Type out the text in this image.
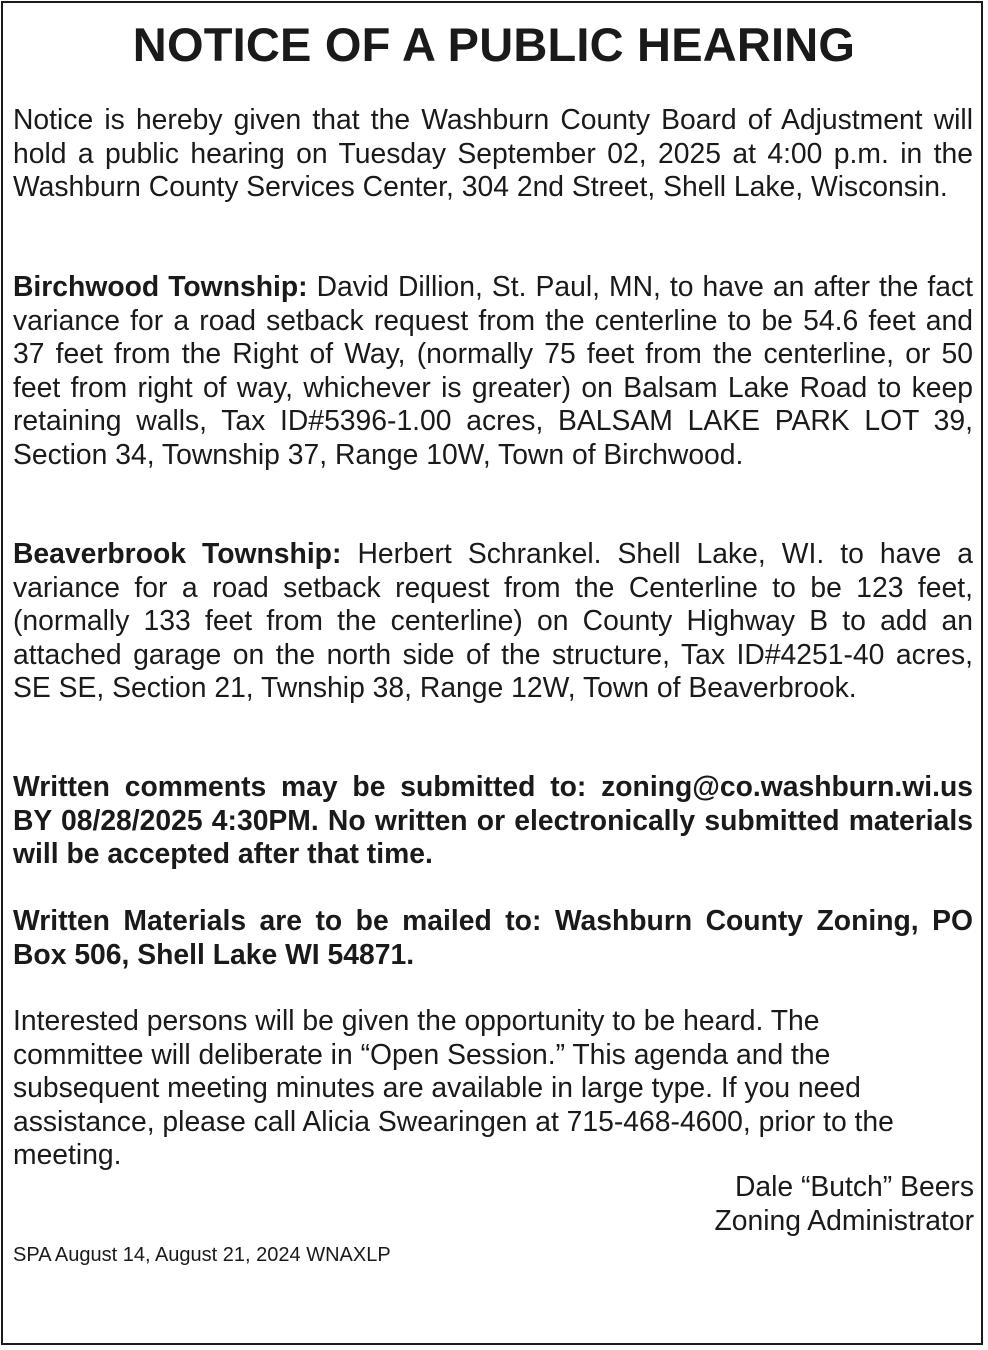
NOTICE OF A PUBLIC HEARING
Notice is hereby given that the Washburn County Board of Adjustment will hold a public hearing on Tuesday September 02, 2025 at 4:00 p.m. in the Washburn County Services Center, 304 2nd Street, Shell Lake, Wisconsin.
Birchwood Township: David Dillion, St. Paul, MN, to have an after the fact variance for a road setback request from the centerline to be 54.6 feet and 37 feet from the Right of Way, (normally 75 feet from the centerline, or 50 feet from right of way, whichever is greater) on Balsam Lake Road to keep retaining walls, Tax ID#5396-1.00 acres, BALSAM LAKE PARK LOT 39, Section 34, Township 37, Range 10W, Town of Birchwood.
Beaverbrook Township: Herbert Schrankel. Shell Lake, WI. to have a variance for a road setback request from the Centerline to be 123 feet, (normally 133 feet from the centerline) on County Highway B to add an attached garage on the north side of the structure, Tax ID#4251-40 acres, SE SE, Section 21, Twnship 38, Range 12W, Town of Beaverbrook.
Written comments may be submitted to: zoning@co.washburn.wi.us BY 08/28/2025 4:30PM. No written or electronically submitted materials will be accepted after that time.
Written Materials are to be mailed to: Washburn County Zoning, PO Box 506, Shell Lake WI 54871.
Interested persons will be given the opportunity to be heard. The committee will deliberate in “Open Session.” This agenda and the subsequent meeting minutes are available in large type. If you need assistance, please call Alicia Swearingen at 715-468-4600, prior to the meeting.
Dale “Butch” Beers
Zoning Administrator
SPA August 14, August 21, 2024 WNAXLP
